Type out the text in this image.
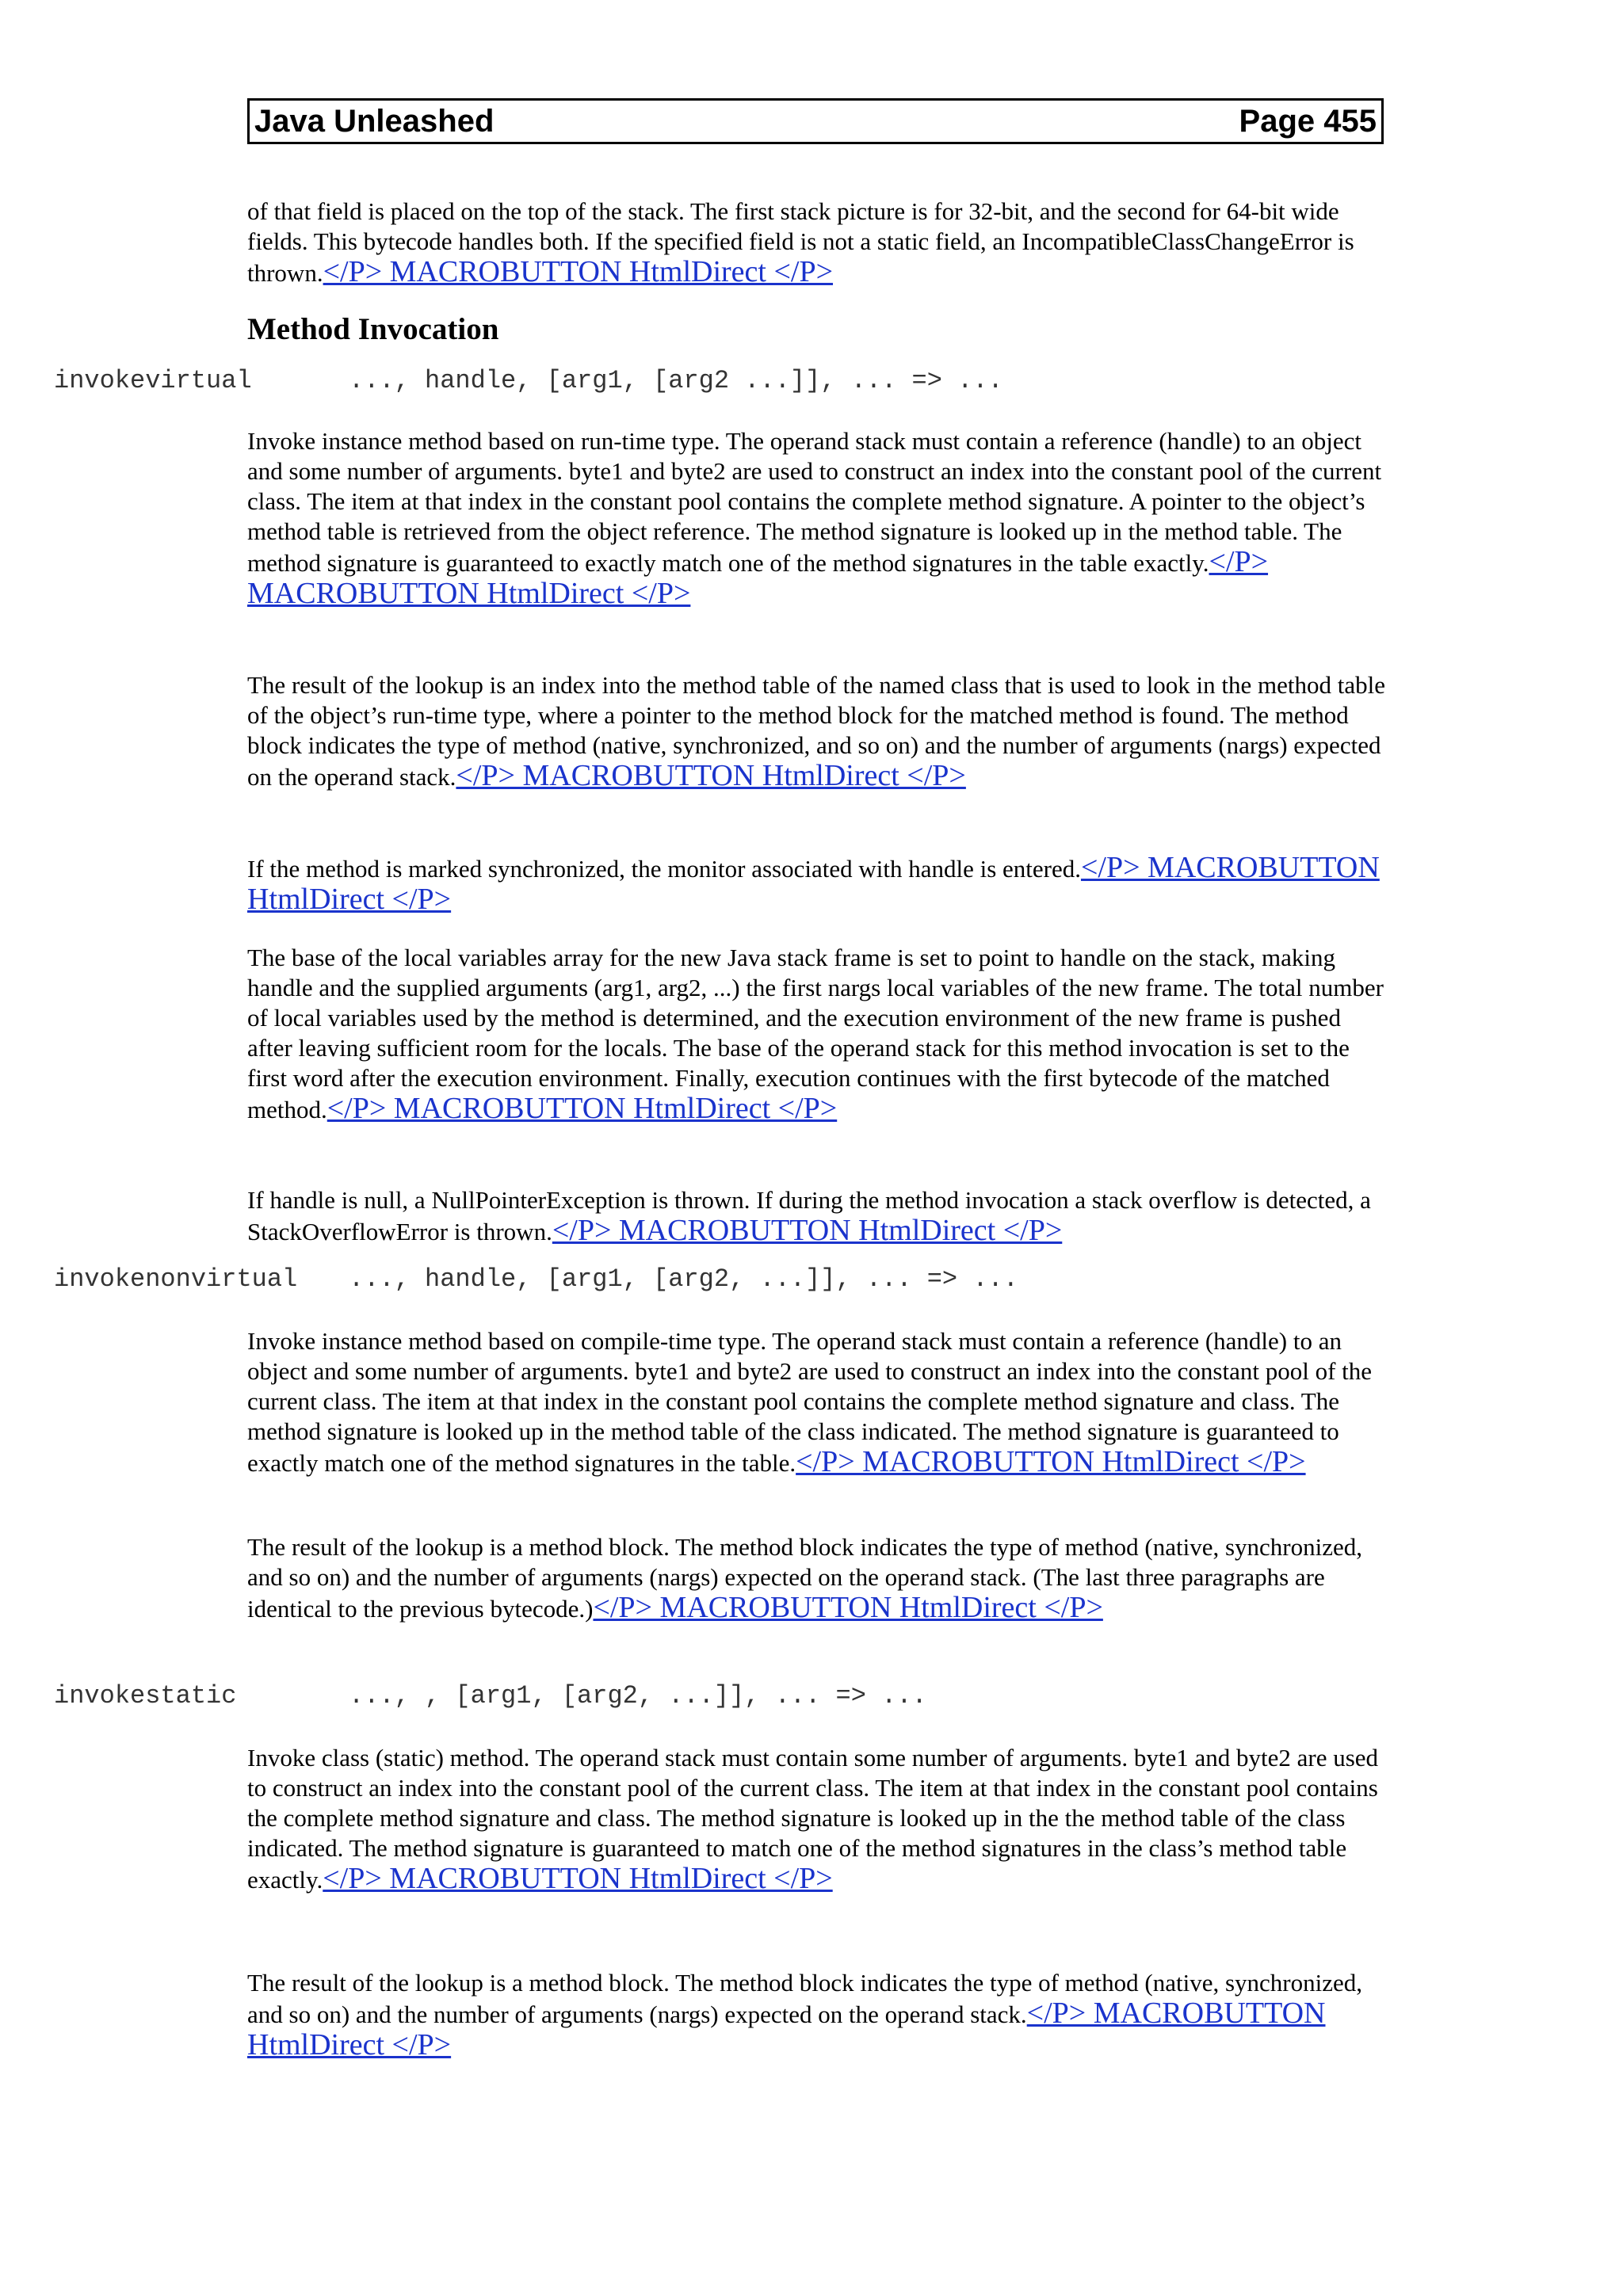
Java Unleashed	Page 455

of that field is placed on the top of the stack. The first stack picture is for 32-bit, and the second for 64-bit wide fields. This bytecode handles both. If the specified field is not a static field, an IncompatibleClassChangeError is thrown.</P> MACROBUTTON HtmlDirect </P>

Method Invocation
invokevirtual	..., handle, [arg1, [arg2 ...]], ... => ...

Invoke instance method based on run-time type. The operand stack must contain a reference (handle) to an object and some number of arguments. byte1 and byte2 are used to construct an index into the constant pool of the current class. The item at that index in the constant pool contains the complete method signature. A pointer to the object’s method table is retrieved from the object reference. The method signature is looked up in the method table. The method signature is guaranteed to exactly match one of the method signatures in the table exactly.</P> MACROBUTTON HtmlDirect </P>

The result of the lookup is an index into the method table of the named class that is used to look in the method table of the object’s run-time type, where a pointer to the method block for the matched method is found. The method block indicates the type of method (native, synchronized, and so on) and the number of arguments (nargs) expected on the operand stack.</P> MACROBUTTON HtmlDirect </P>

If the method is marked synchronized, the monitor associated with handle is entered.</P> MACROBUTTON HtmlDirect </P>

The base of the local variables array for the new Java stack frame is set to point to handle on the stack, making handle and the supplied arguments (arg1, arg2, ...) the first nargs local variables of the new frame. The total number of local variables used by the method is determined, and the execution environment of the new frame is pushed after leaving sufficient room for the locals. The base of the operand stack for this method invocation is set to the first word after the execution environment. Finally, execution continues with the first bytecode of the matched method.</P> MACROBUTTON HtmlDirect </P>

If handle is null, a NullPointerException is thrown. If during the method invocation a stack overflow is detected, a StackOverflowError is thrown.</P> MACROBUTTON HtmlDirect </P>

invokenonvirtual ..., handle, [arg1, [arg2, ...]], ... => ...

Invoke instance method based on compile-time type. The operand stack must contain a reference (handle) to an object and some number of arguments. byte1 and byte2 are used to construct an index into the constant pool of the current class. The item at that index in the constant pool contains the complete method signature and class. The method signature is looked up in the method table of the class indicated. The method signature is guaranteed to exactly match one of the method signatures in the table.</P> MACROBUTTON HtmlDirect </P>

The result of the lookup is a method block. The method block indicates the type of method (native, synchronized, and so on) and the number of arguments (nargs) expected on the operand stack. (The last three paragraphs are identical to the previous bytecode.)</P> MACROBUTTON HtmlDirect </P>

invokestatic	..., , [arg1, [arg2, ...]], ... => ...

Invoke class (static) method. The operand stack must contain some number of arguments. byte1 and byte2 are used to construct an index into the constant pool of the current class. The item at that index in the constant pool contains the complete method signature and class. The method signature is looked up in the the method table of the class indicated. The method signature is guaranteed to match one of the method signatures in the class’s method table exactly.</P> MACROBUTTON HtmlDirect </P>

The result of the lookup is a method block. The method block indicates the type of method (native, synchronized, and so on) and the number of arguments (nargs) expected on the operand stack.</P> MACROBUTTON HtmlDirect </P>
